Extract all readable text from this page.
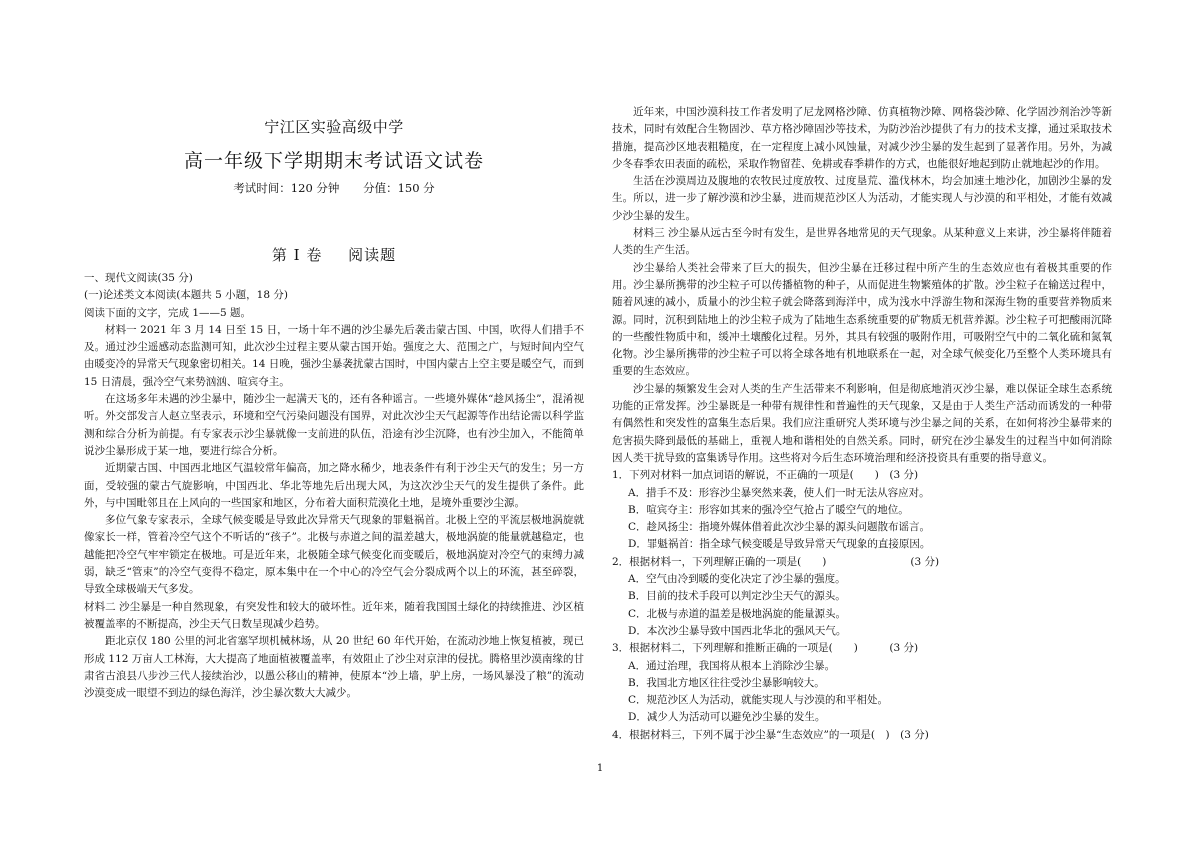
宁江区实验高级中学
高一年级下学期期末考试语文试卷
考试时间：120 分钟 分值：150 分
第 I 卷 阅读题

一、现代文阅读(35 分)

(一)论述类文本阅读(本题共 5 小题，18 分)

阅读下面的文字，完成 1——5 题。

材料一 2021 年 3 月 14 日至 15 日，一场十年不遇的沙尘暴先后袭击蒙古国、中国，吹得人们措手不及。通过沙尘遥感动态监测可知，此次沙尘过程主要从蒙古国开始。强度之大、范围之广，与短时间内空气由暖变冷的异常天气现象密切相关。14 日晚，强沙尘暴袭扰蒙古国时，中国内蒙古上空主要是暖空气，而到 15 日清晨，强冷空气来势汹汹、喧宾夺主。

在这场多年未遇的沙尘暴中，随沙尘一起满天飞的，还有各种谣言。一些境外媒体“趁风扬尘”，混淆视听。外交部发言人赵立坚表示，环境和空气污染问题没有国界，对此次沙尘天气起源等作出结论需以科学监测和综合分析为前提。有专家表示沙尘暴就像一支前进的队伍，沿途有沙尘沉降，也有沙尘加入，不能简单说沙尘暴形成于某一地，要进行综合分析。

近期蒙古国、中国西北地区气温较常年偏高，加之降水稀少，地表条件有利于沙尘天气的发生；另一方面，受较强的蒙古气旋影响，中国西北、华北等地先后出现大风，为这次沙尘天气的发生提供了条件。此外，与中国毗邻且在上风向的一些国家和地区，分布着大面积荒漠化土地，是境外重要沙尘源。

多位气象专家表示，全球气候变暖是导致此次异常天气现象的罪魁祸首。北极上空的平流层极地涡旋就像家长一样，管着冷空气这个不听话的“孩子”。北极与赤道之间的温差越大，极地涡旋的能量就越稳定，也越能把冷空气牢牢锁定在极地。可是近年来，北极随全球气候变化而变暖后，极地涡旋对冷空气的束缚力减弱，缺乏“管束”的冷空气变得不稳定，原本集中在一个中心的冷空气会分裂成两个以上的环流，甚至碎裂，导致全球极端天气多发。

材料二 沙尘暴是一种自然现象，有突发性和较大的破坏性。近年来，随着我国国土绿化的持续推进、沙区植被覆盖率的不断提高，沙尘天气日数呈现减少趋势。

距北京仅 180 公里的河北省塞罕坝机械林场，从 20 世纪 60 年代开始，在流动沙地上恢复植被，现已形成 112 万亩人工林海，大大提高了地面植被覆盖率，有效阻止了沙尘对京津的侵扰。腾格里沙漠南缘的甘肃省古浪县八步沙三代人接续治沙，以愚公移山的精神，使原本“沙上墙，驴上房，一场风暴没了粮”的流动沙漠变成一眼望不到边的绿色海洋，沙尘暴次数大大减少。

近年来，中国沙漠科技工作者发明了尼龙网格沙障、仿真植物沙障、网格袋沙障、化学固沙剂治沙等新技术，同时有效配合生物固沙、草方格沙障固沙等技术，为防沙治沙提供了有力的技术支撑，通过采取技术措施，提高沙区地表粗糙度，在一定程度上减小风蚀量，对减少沙尘暴的发生起到了显著作用。另外，为减少冬春季农田表面的疏松，采取作物留茬、免耕或春季耕作的方式，也能很好地起到防止就地起沙的作用。

生活在沙漠周边及腹地的农牧民过度放牧、过度垦荒、滥伐林木，均会加速土地沙化，加剧沙尘暴的发生。所以，进一步了解沙漠和沙尘暴，进而规范沙区人为活动，才能实现人与沙漠的和平相处，才能有效减少沙尘暴的发生。

材料三 沙尘暴从远古至今时有发生，是世界各地常见的天气现象。从某种意义上来讲，沙尘暴将伴随着人类的生产生活。

沙尘暴给人类社会带来了巨大的损失，但沙尘暴在迁移过程中所产生的生态效应也有着极其重要的作用。沙尘暴所携带的沙尘粒子可以传播植物的种子，从而促进生物繁殖体的扩散。沙尘粒子在输送过程中，随着风速的减小，质量小的沙尘粒子就会降落到海洋中，成为浅水中浮游生物和深海生物的重要营养物质来源。同时，沉积到陆地上的沙尘粒子成为了陆地生态系统重要的矿物质无机营养源。沙尘粒子可把酸雨沉降的一些酸性物质中和，缓冲土壤酸化过程。另外，其具有较强的吸附作用，可吸附空气中的二氧化硫和氮氧化物。沙尘暴所携带的沙尘粒子可以将全球各地有机地联系在一起，对全球气候变化乃至整个人类环境具有重要的生态效应。

沙尘暴的频繁发生会对人类的生产生活带来不利影响，但是彻底地消灭沙尘暴，难以保证全球生态系统功能的正常发挥。沙尘暴既是一种带有规律性和普遍性的天气现象，又是由于人类生产活动而诱发的一种带有偶然性和突发性的富集生态后果。我们应注重研究人类环境与沙尘暴之间的关系，在如何将沙尘暴带来的危害损失降到最低的基础上，重视人地和谐相处的自然关系。同时，研究在沙尘暴发生的过程当中如何消除因人类干扰导致的富集诱导作用。这些将对今后生态环境治理和经济投资具有重要的指导意义。

1．下列对材料一加点词语的解说，不正确的一项是(　　)　(3 分)
A．措手不及：形容沙尘暴突然来袭，使人们一时无法从容应对。
B．喧宾夺主：形容如其来的强冷空气抢占了暖空气的地位。
C．趁风扬尘：指境外媒体借着此次沙尘暴的源头问题散布谣言。
D．罪魁祸首：指全球气候变暖是导致异常天气现象的直接原因。
2．根据材料一，下列理解正确的一项是(　　)　　　　　　　　(3 分)
A．空气由冷到暖的变化决定了沙尘暴的强度。
B．目前的技术手段可以判定沙尘天气的源头。
C．北极与赤道的温差是极地涡旋的能量源头。
D．本次沙尘暴导致中国西北华北的强风天气。
3．根据材料二，下列理解和推断正确的一项是(　　)　　　(3 分)
A．通过治理，我国将从根本上消除沙尘暴。
B．我国北方地区往往受沙尘暴影响较大。
C．规范沙区人为活动，就能实现人与沙漠的和平相处。
D．减少人为活动可以避免沙尘暴的发生。
4．根据材料三，下列不属于沙尘暴“生态效应”的一项是(　)　(3 分)
1
